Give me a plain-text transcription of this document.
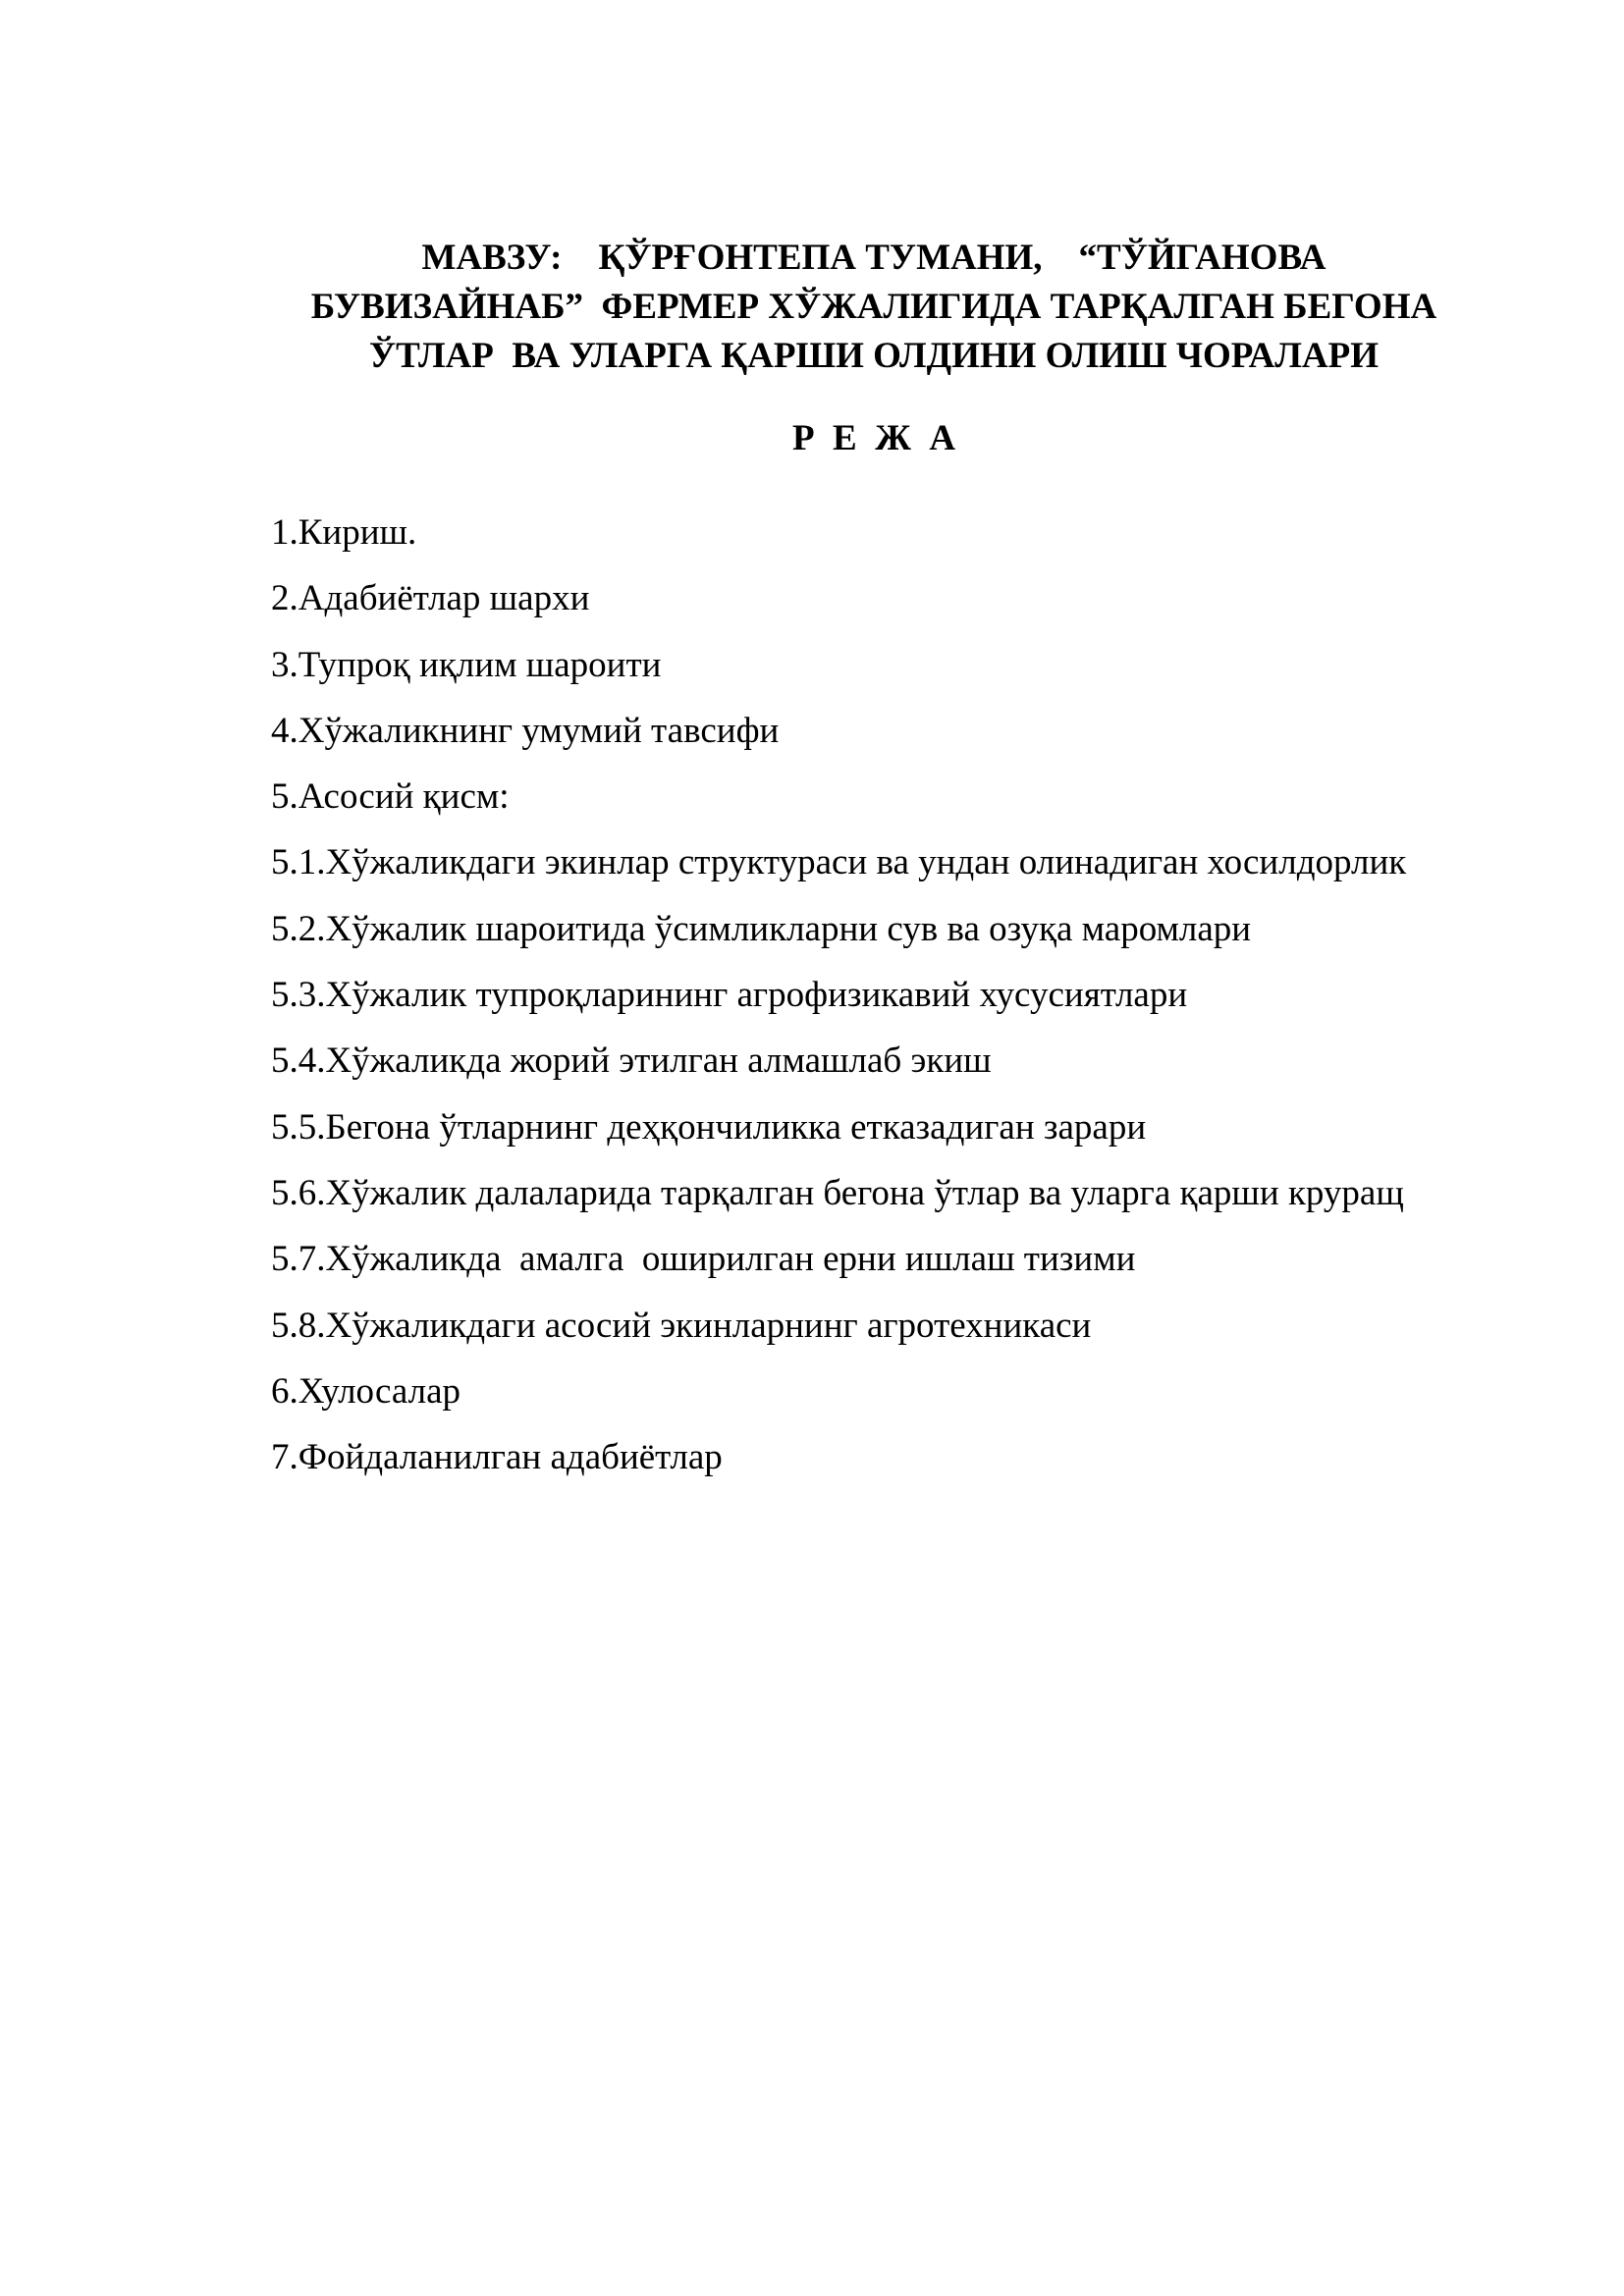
МАВЗУ:    ҚЎРҒОНТЕПА ТУМАНИ,    “ТЎЙГАНОВА
БУВИЗАЙНАБ”  ФЕРМЕР ХЎЖАЛИГИДА ТАРҚАЛГАН БЕГОНА
ЎТЛАР  ВА УЛАРГА ҚАРШИ ОЛДИНИ ОЛИШ ЧОРАЛАРИ
Р  Е  Ж  А
1.Кириш.
2.Адабиётлар шархи
3.Тупроқ иқлим шароити
4.Хўжаликнинг умумий тавсифи
5.Асосий қисм:
5.1.Хўжаликдаги экинлар структураси ва ундан олинадиган хосилдорлик
5.2.Хўжалик шароитида ўсимликларни сув ва озуқа маромлари
5.3.Хўжалик тупроқларининг агрофизикавий хусусиятлари
5.4.Хўжаликда жорий этилган алмашлаб экиш
5.5.Бегона ўтларнинг деҳқончиликка етказадиган зарари
5.6.Хўжалик далаларида тарқалган бегона ўтлар ва уларга қарши круращ
5.7.Хўжаликда  амалга  оширилган ерни ишлаш тизими
5.8.Хўжаликдаги асосий экинларнинг агротехникаси
6.Хулосалар
7.Фойдаланилган адабиётлар
